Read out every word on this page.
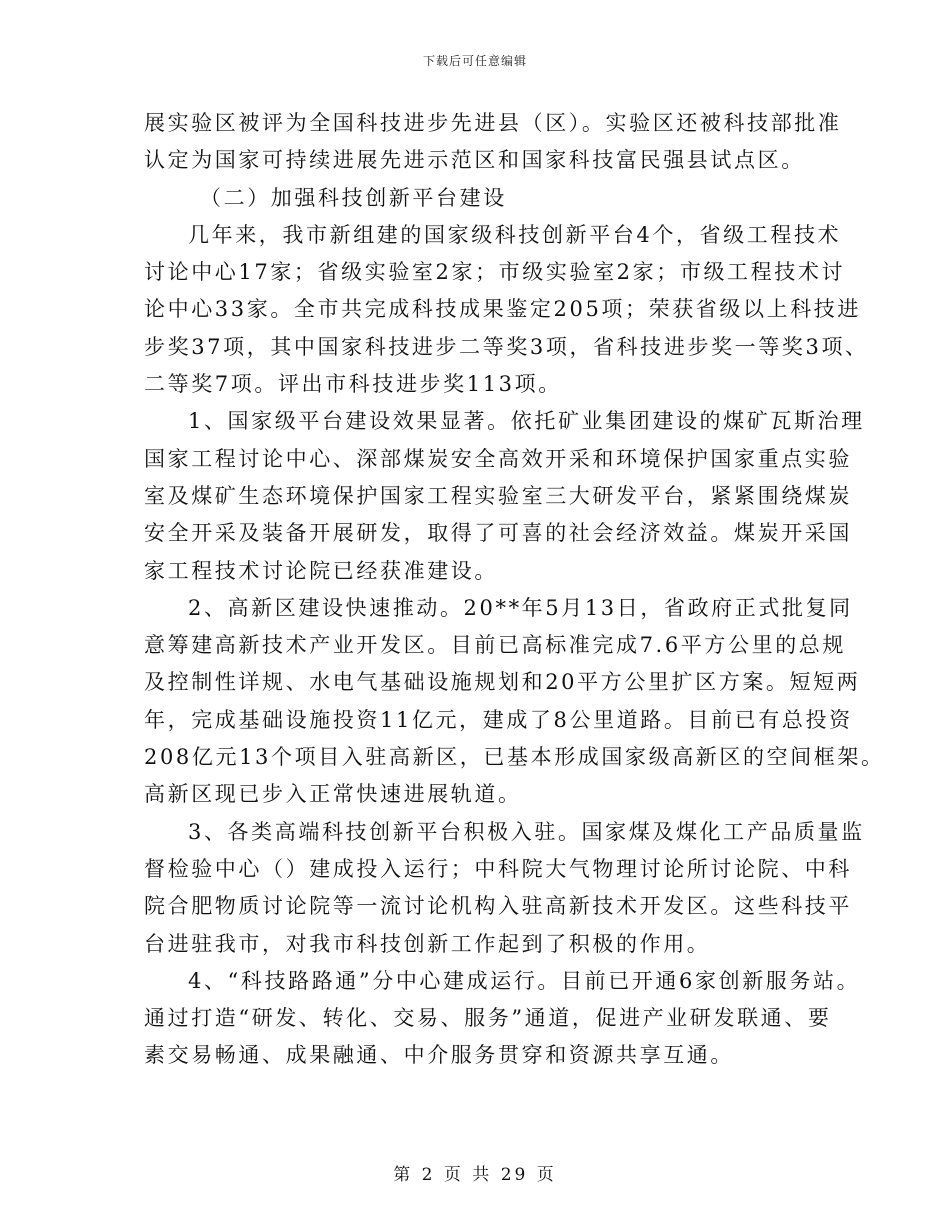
下载后可任意编辑
展实验区被评为全国科技进步先进县（区）。实验区还被科技部批准
认定为国家可持续进展先进示范区和国家科技富民强县试点区。
（二）加强科技创新平台建设
几年来，我市新组建的国家级科技创新平台4个，省级工程技术
讨论中心17家；省级实验室2家；市级实验室2家；市级工程技术讨
论中心33家。全市共完成科技成果鉴定205项；荣获省级以上科技进
步奖37项，其中国家科技进步二等奖3项，省科技进步奖一等奖3项、
二等奖7项。评出市科技进步奖113项。
1、国家级平台建设效果显著。依托矿业集团建设的煤矿瓦斯治理
国家工程讨论中心、深部煤炭安全高效开采和环境保护国家重点实验
室及煤矿生态环境保护国家工程实验室三大研发平台，紧紧围绕煤炭
安全开采及装备开展研发，取得了可喜的社会经济效益。煤炭开采国
家工程技术讨论院已经获准建设。
2、高新区建设快速推动。20**年5月13日，省政府正式批复同
意筹建高新技术产业开发区。目前已高标准完成7.6平方公里的总规
及控制性详规、水电气基础设施规划和20平方公里扩区方案。短短两
年，完成基础设施投资11亿元，建成了8公里道路。目前已有总投资
208亿元13个项目入驻高新区，已基本形成国家级高新区的空间框架。
高新区现已步入正常快速进展轨道。
3、各类高端科技创新平台积极入驻。国家煤及煤化工产品质量监
督检验中心（）建成投入运行；中科院大气物理讨论所讨论院、中科
院合肥物质讨论院等一流讨论机构入驻高新技术开发区。这些科技平
台进驻我市，对我市科技创新工作起到了积极的作用。
4、“科技路路通”分中心建成运行。目前已开通6家创新服务站。
通过打造“研发、转化、交易、服务”通道，促进产业研发联通、要
素交易畅通、成果融通、中介服务贯穿和资源共享互通。
第 2 页 共 29 页
